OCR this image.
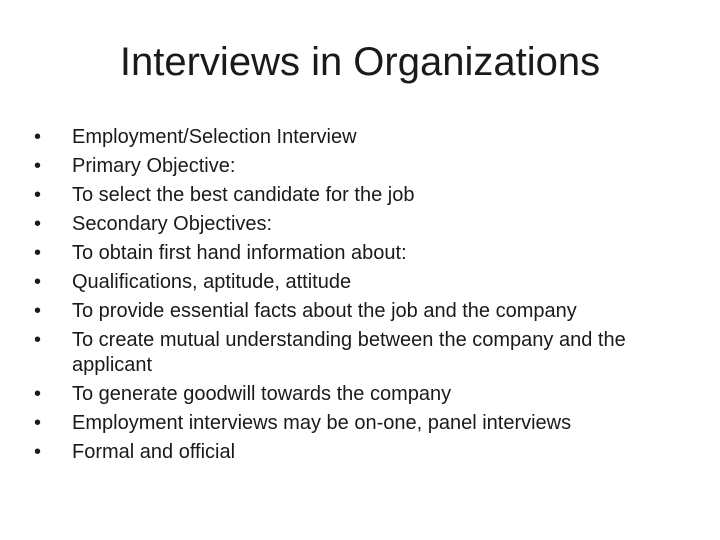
Interviews in Organizations
• Employment/Selection Interview
• Primary Objective:
• To select the best candidate for the job
• Secondary Objectives:
• To obtain first hand information about:
• Qualifications, aptitude, attitude
• To provide essential facts about the job and the company
• To create mutual understanding between the company and the applicant
• To generate goodwill towards the company
• Employment interviews may be on-one, panel interviews
• Formal and official
